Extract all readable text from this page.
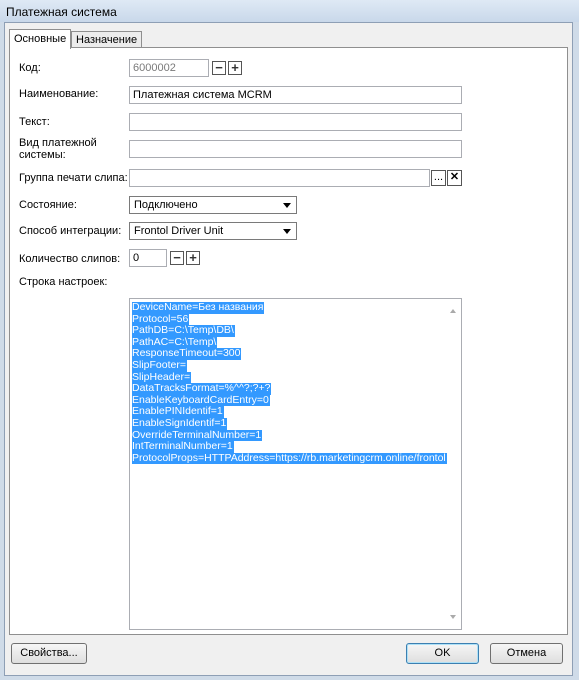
Платежная система
Основные Назначение
Код:	6000002	− +
Наименование:	Платежная система MCRM
Текст:
Вид платежной
системы:
Группа печати слипа:	... ✕
Состояние:	Подключено
Способ интеграции:	Frontol Driver Unit
Количество слипов:	0	− +
Строка настроек:
DeviceName=Без названия
Protocol=56
PathDB=C:\Temp\DB\
PathAC=C:\Temp\
ResponseTimeout=300
SlipFooter=
SlipHeader=
DataTracksFormat=%^^?;?+?
EnableKeyboardCardEntry=0
EnablePINIdentif=1
EnableSignIdentif=1
OverrideTerminalNumber=1
IntTerminalNumber=1
ProtocolProps=HTTPAddress=https://rb.marketingcrm.online/frontol
Свойства...	OK	Отмена
